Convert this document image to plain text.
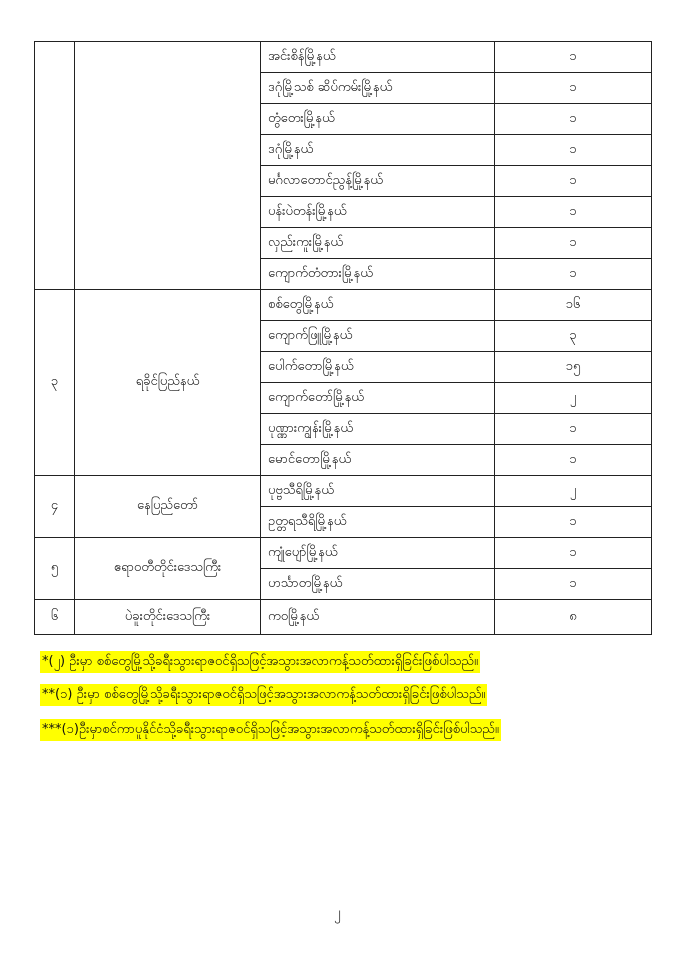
		အင်းစိန်မြို့နယ်	၁
		ဒဂုံမြို့သစ် ဆိပ်ကမ်းမြို့နယ်	၁
		တွံတေးမြို့နယ်	၁
		ဒဂုံမြို့နယ်	၁
		မင်္ဂလာတောင်ညွန့်မြို့နယ်	၁
		ပန်းပဲတန်းမြို့နယ်	၁
		လှည်းကူးမြို့နယ်	၁
		ကျောက်တံတားမြို့နယ်	၁
၃	ရခိုင်ပြည်နယ်	စစ်တွေမြို့နယ်	၁၆
		ကျောက်ဖြူမြို့နယ်	၃
		ပေါက်တောမြို့နယ်	၁၅
		ကျောက်တော်မြို့နယ်	၂
		ပုဏ္ဏားကျွန်းမြို့နယ်	၁
		မောင်တောမြို့နယ်	၁
၄	နေပြည်တော်	ပုဗ္ဗသီရိမြို့နယ်	၂
		ဥတ္တရသီရိမြို့နယ်	၁
၅	ဧရာဝတီတိုင်းဒေသကြီး	ကျုံပျော်မြို့နယ်	၁
		ဟင်္သာတမြို့နယ်	၁
၆	ပဲခူးတိုင်းဒေသကြီး	ကဝမြို့နယ်	၈
*(၂) ဦးမှာ စစ်တွေမြို့သို့ခရီးသွားရာဇဝင်ရှိသဖြင့်အသွားအလာကန့်သတ်ထားရှိခြင်းဖြစ်ပါသည်။
**(၁) ဦးမှာ စစ်တွေမြို့သို့ခရီးသွားရာဇဝင်ရှိသဖြင့်အသွားအလာကန့်သတ်ထားရှိခြင်းဖြစ်ပါသည်။
***(၁)ဦးမှာစင်ကာပူနိုင်ငံသို့ခရီးသွားရာဇဝင်ရှိသဖြင့်အသွားအလာကန့်သတ်ထားရှိခြင်းဖြစ်ပါသည်။
၂
